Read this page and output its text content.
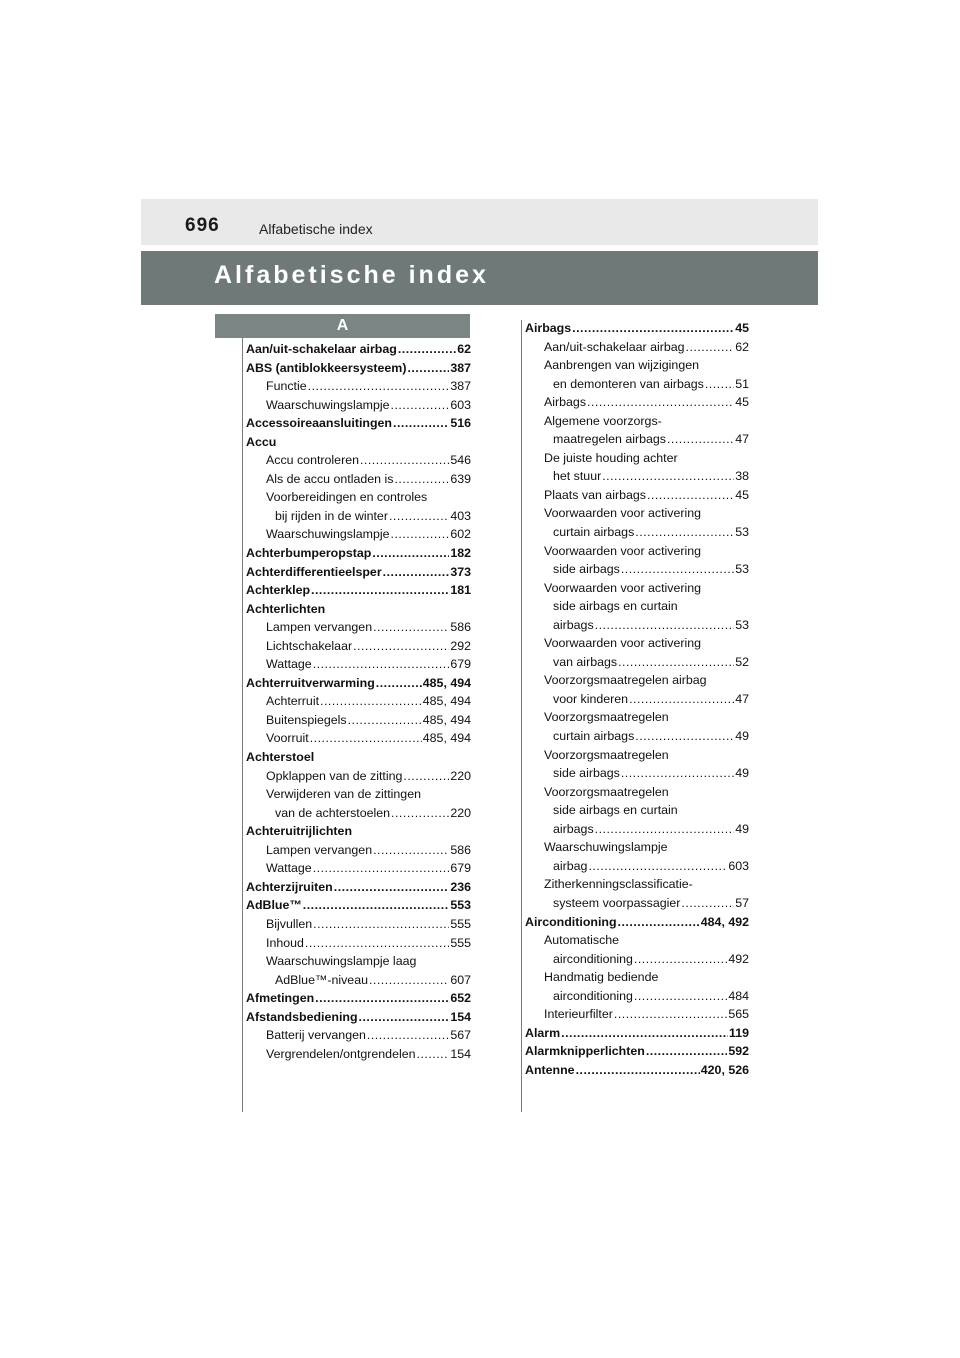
696	Alfabetische index
Alfabetische index
A
Aan/uit-schakelaar airbag .....	62
ABS (antiblokkeersysteem) .....	387
Functie .....	387
Waarschuwingslampje .....	603
Accessoireaansluitingen .....	516
Accu
Accu controleren .....	546
Als de accu ontladen is .....	639
Voorbereidingen en controles
bij rijden in de winter .....	403
Waarschuwingslampje .....	602
Achterbumperopstap .....	182
Achterdifferentieelsper .....	373
Achterklep .....	181
Achterlichten
Lampen vervangen .....	586
Lichtschakelaar .....	292
Wattage .....	679
Achterruitverwarming .....	485, 494
Achterruit .....	485, 494
Buitenspiegels .....	485, 494
Voorruit .....	485, 494
Achterstoel
Opklappen van de zitting .....	220
Verwijderen van de zittingen
van de achterstoelen .....	220
Achteruitrijlichten
Lampen vervangen .....	586
Wattage .....	679
Achterzijruiten .....	236
AdBlue™ .....	553
Bijvullen .....	555
Inhoud .....	555
Waarschuwingslampje laag
AdBlue™-niveau .....	607
Afmetingen .....	652
Afstandsbediening .....	154
Batterij vervangen .....	567
Vergrendelen/ontgrendelen .....	154
Airbags .....	45
Aan/uit-schakelaar airbag .....	62
Aanbrengen van wijzigingen
en demonteren van airbags .....	51
Airbags .....	45
Algemene voorzorgs-
maatregelen airbags .....	47
De juiste houding achter
het stuur .....	38
Plaats van airbags .....	45
Voorwaarden voor activering
curtain airbags .....	53
Voorwaarden voor activering
side airbags .....	53
Voorwaarden voor activering
side airbags en curtain
airbags .....	53
Voorwaarden voor activering
van airbags .....	52
Voorzorgsmaatregelen airbag
voor kinderen .....	47
Voorzorgsmaatregelen
curtain airbags .....	49
Voorzorgsmaatregelen
side airbags .....	49
Voorzorgsmaatregelen
side airbags en curtain
airbags .....	49
Waarschuwingslampje
airbag .....	603
Zitherkenningsclassificatie-
systeem voorpassagier .....	57
Airconditioning .....	484, 492
Automatische
airconditioning .....	492
Handmatig bediende
airconditioning .....	484
Interieurfilter .....	565
Alarm .....	119
Alarmknipperlichten .....	592
Antenne .....	420, 526
